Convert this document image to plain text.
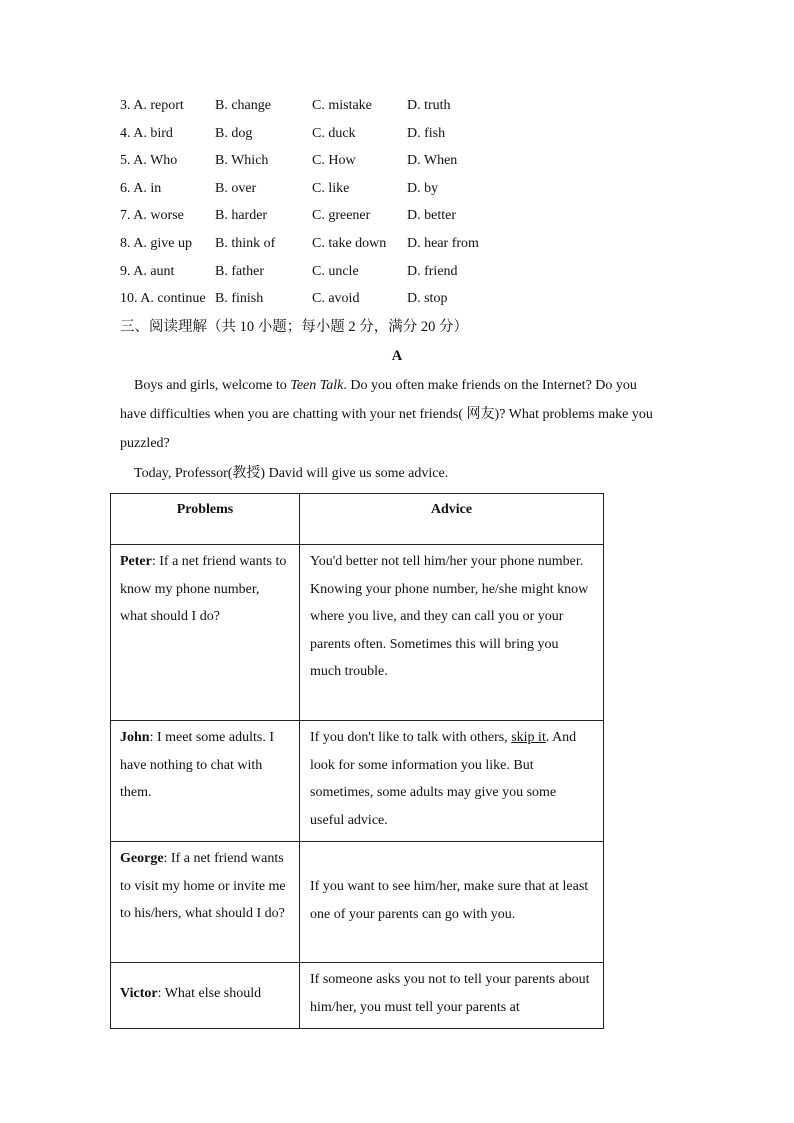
3. A. report B. change	C. mistake	D. truth
4. A. bird	B. dog	C. duck	D. fish
5. A. Who	B. Which	C. How	D. When
6. A. in	B. over	C. like	D. by
7. A. worse B. harder	C. greener	D. better
8. A. give up B. think of	C. take down D. hear from
9. A. aunt	B. father	C. uncle	D. friend
10. A. continue B. finish	C. avoid	D. stop
三、阅读理解（共 10 小题；每小题 2 分，满分 20 分）
A
Boys and girls, welcome to Teen Talk. Do you often make friends on the Internet? Do you have difficulties when you are chatting with your net friends( 网友)? What problems make you puzzled?
Today, Professor(教授) David will give us some advice.
Problems	Advice
Peter: If a net friend wants to know my phone number, what should I do?	You'd better not tell him/her your phone number. Knowing your phone number, he/she might know where you live, and they can call you or your parents often. Sometimes this will bring you much trouble.
John: I meet some adults. I have nothing to chat with them.	If you don't like to talk with others, skip it. And look for some information you like. But sometimes, some adults may give you some useful advice.
George: If a net friend wants to visit my home or invite me to his/hers, what should I do?	If you want to see him/her, make sure that at least one of your parents can go with you.
Victor: What else should	If someone asks you not to tell your parents about him/her, you must tell your parents at
